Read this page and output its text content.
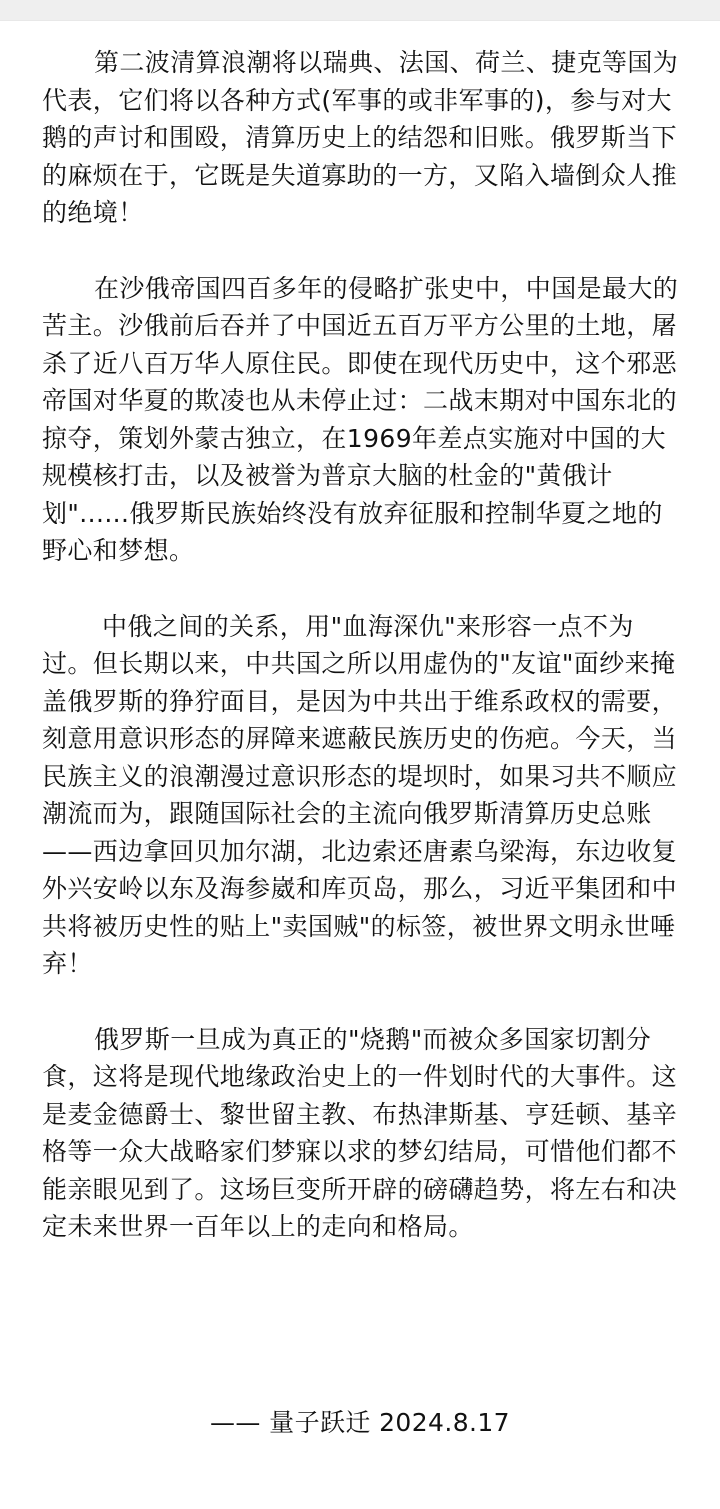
第二波清算浪潮将以瑞典、法国、荷兰、捷克等国为代表，它们将以各种方式(军事的或非军事的)，参与对大鹅的声讨和围殴，清算历史上的结怨和旧账。俄罗斯当下的麻烦在于，它既是失道寡助的一方，又陷入墙倒众人推的绝境！

在沙俄帝国四百多年的侵略扩张史中，中国是最大的苦主。沙俄前后吞并了中国近五百万平方公里的土地，屠杀了近八百万华人原住民。即使在现代历史中，这个邪恶帝国对华夏的欺凌也从未停止过：二战末期对中国东北的掠夺，策划外蒙古独立，在1969年差点实施对中国的大规模核打击，以及被誉为普京大脑的杜金的"黄俄计划"......俄罗斯民族始终没有放弃征服和控制华夏之地的野心和梦想。

中俄之间的关系，用"血海深仇"来形容一点不为过。但长期以来，中共国之所以用虚伪的"友谊"面纱来掩盖俄罗斯的狰狞面目，是因为中共出于维系政权的需要，刻意用意识形态的屏障来遮蔽民族历史的伤疤。今天，当民族主义的浪潮漫过意识形态的堤坝时，如果习共不顺应潮流而为，跟随国际社会的主流向俄罗斯清算历史总账——西边拿回贝加尔湖，北边索还唐素乌梁海，东边收复外兴安岭以东及海参崴和库页岛，那么，习近平集团和中共将被历史性的贴上"卖国贼"的标签，被世界文明永世唾弃！

俄罗斯一旦成为真正的"烧鹅"而被众多国家切割分食，这将是现代地缘政治史上的一件划时代的大事件。这是麦金德爵士、黎世留主教、布热津斯基、亨廷顿、基辛格等一众大战略家们梦寐以求的梦幻结局，可惜他们都不能亲眼见到了。这场巨变所开辟的磅礴趋势，将左右和决定未来世界一百年以上的走向和格局。

—— 量子跃迁 2024.8.17
